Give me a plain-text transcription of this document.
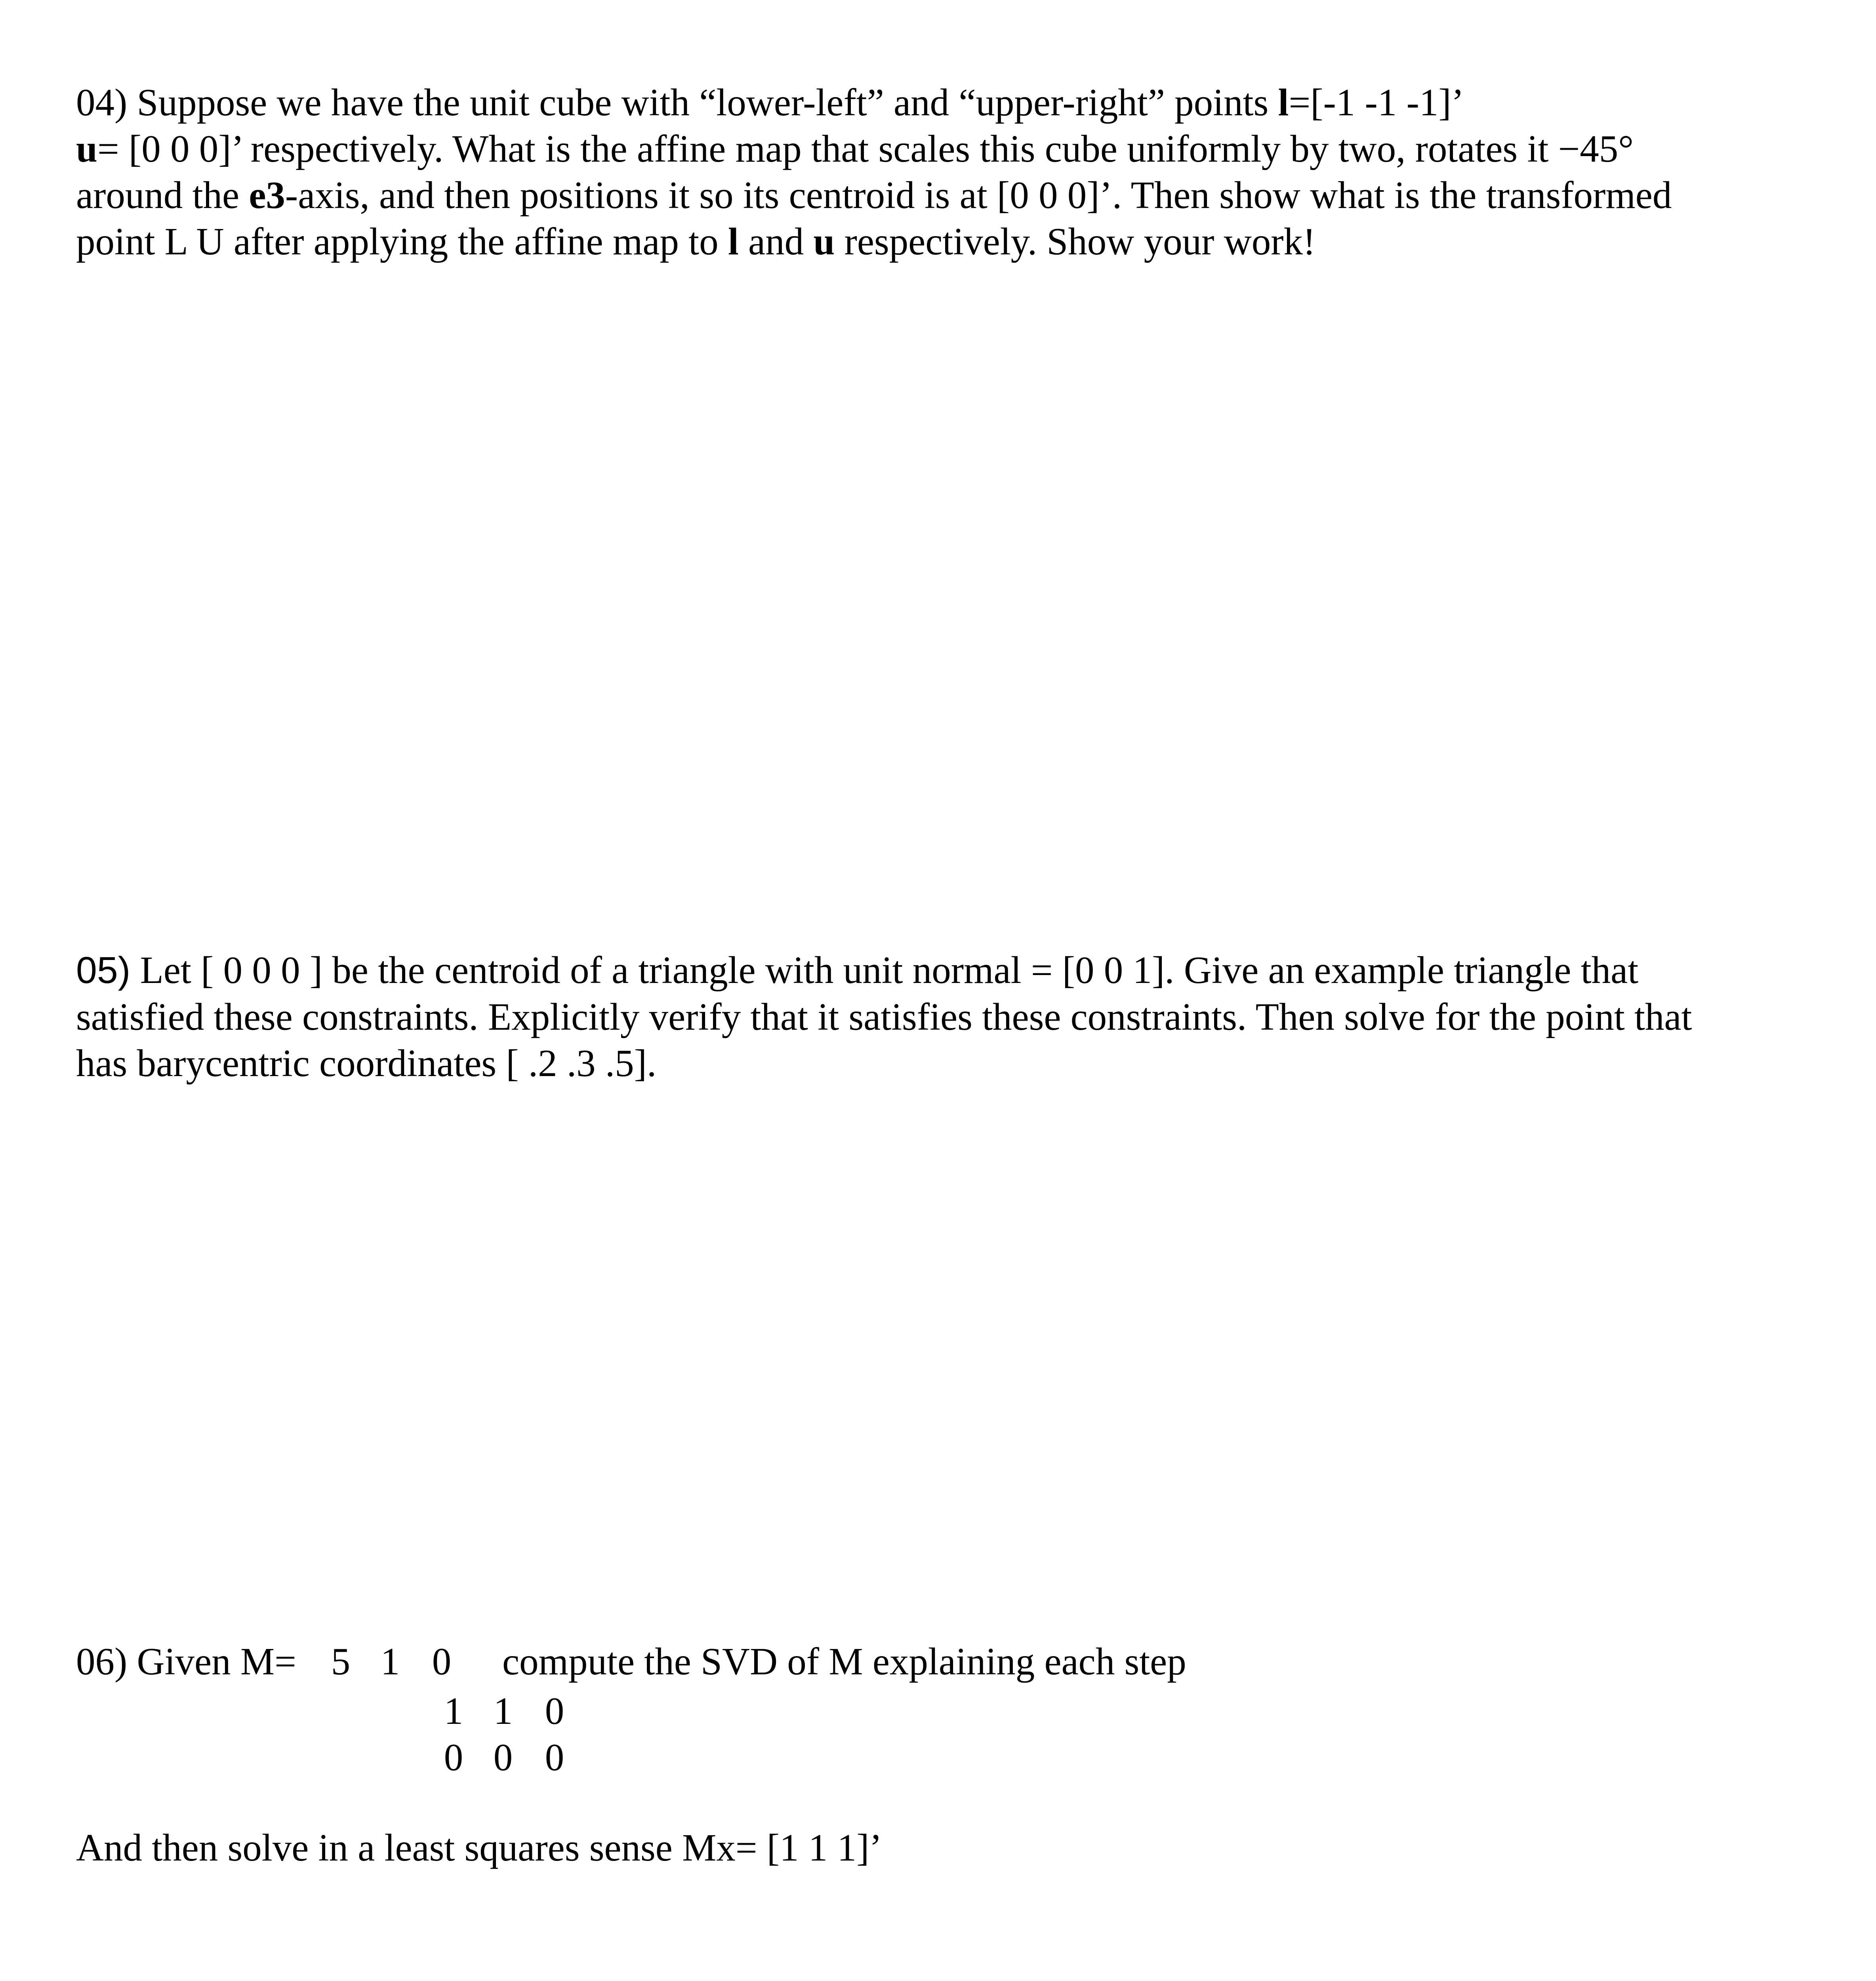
04) Suppose we have the unit cube with “lower-left” and “upper-right” points l=[-1 -1 -1]’
u= [0 0 0]’ respectively. What is the affine map that scales this cube uniformly by two, rotates it −45°
around the e3-axis, and then positions it so its centroid is at [0 0 0]’. Then show what is the transformed
point L U after applying the affine map to l and u respectively. Show your work!
05) Let [ 0 0 0 ] be the centroid of a triangle with unit normal = [0 0 1]. Give an example triangle that
satisfied these constraints. Explicitly verify that it satisfies these constraints. Then solve for the point that
has barycentric coordinates [ .2 .3 .5].
06) Given M= 5 1 0 compute the SVD of M explaining each step
1 1 0
0 0 0
And then solve in a least squares sense Mx= [1 1 1]’
